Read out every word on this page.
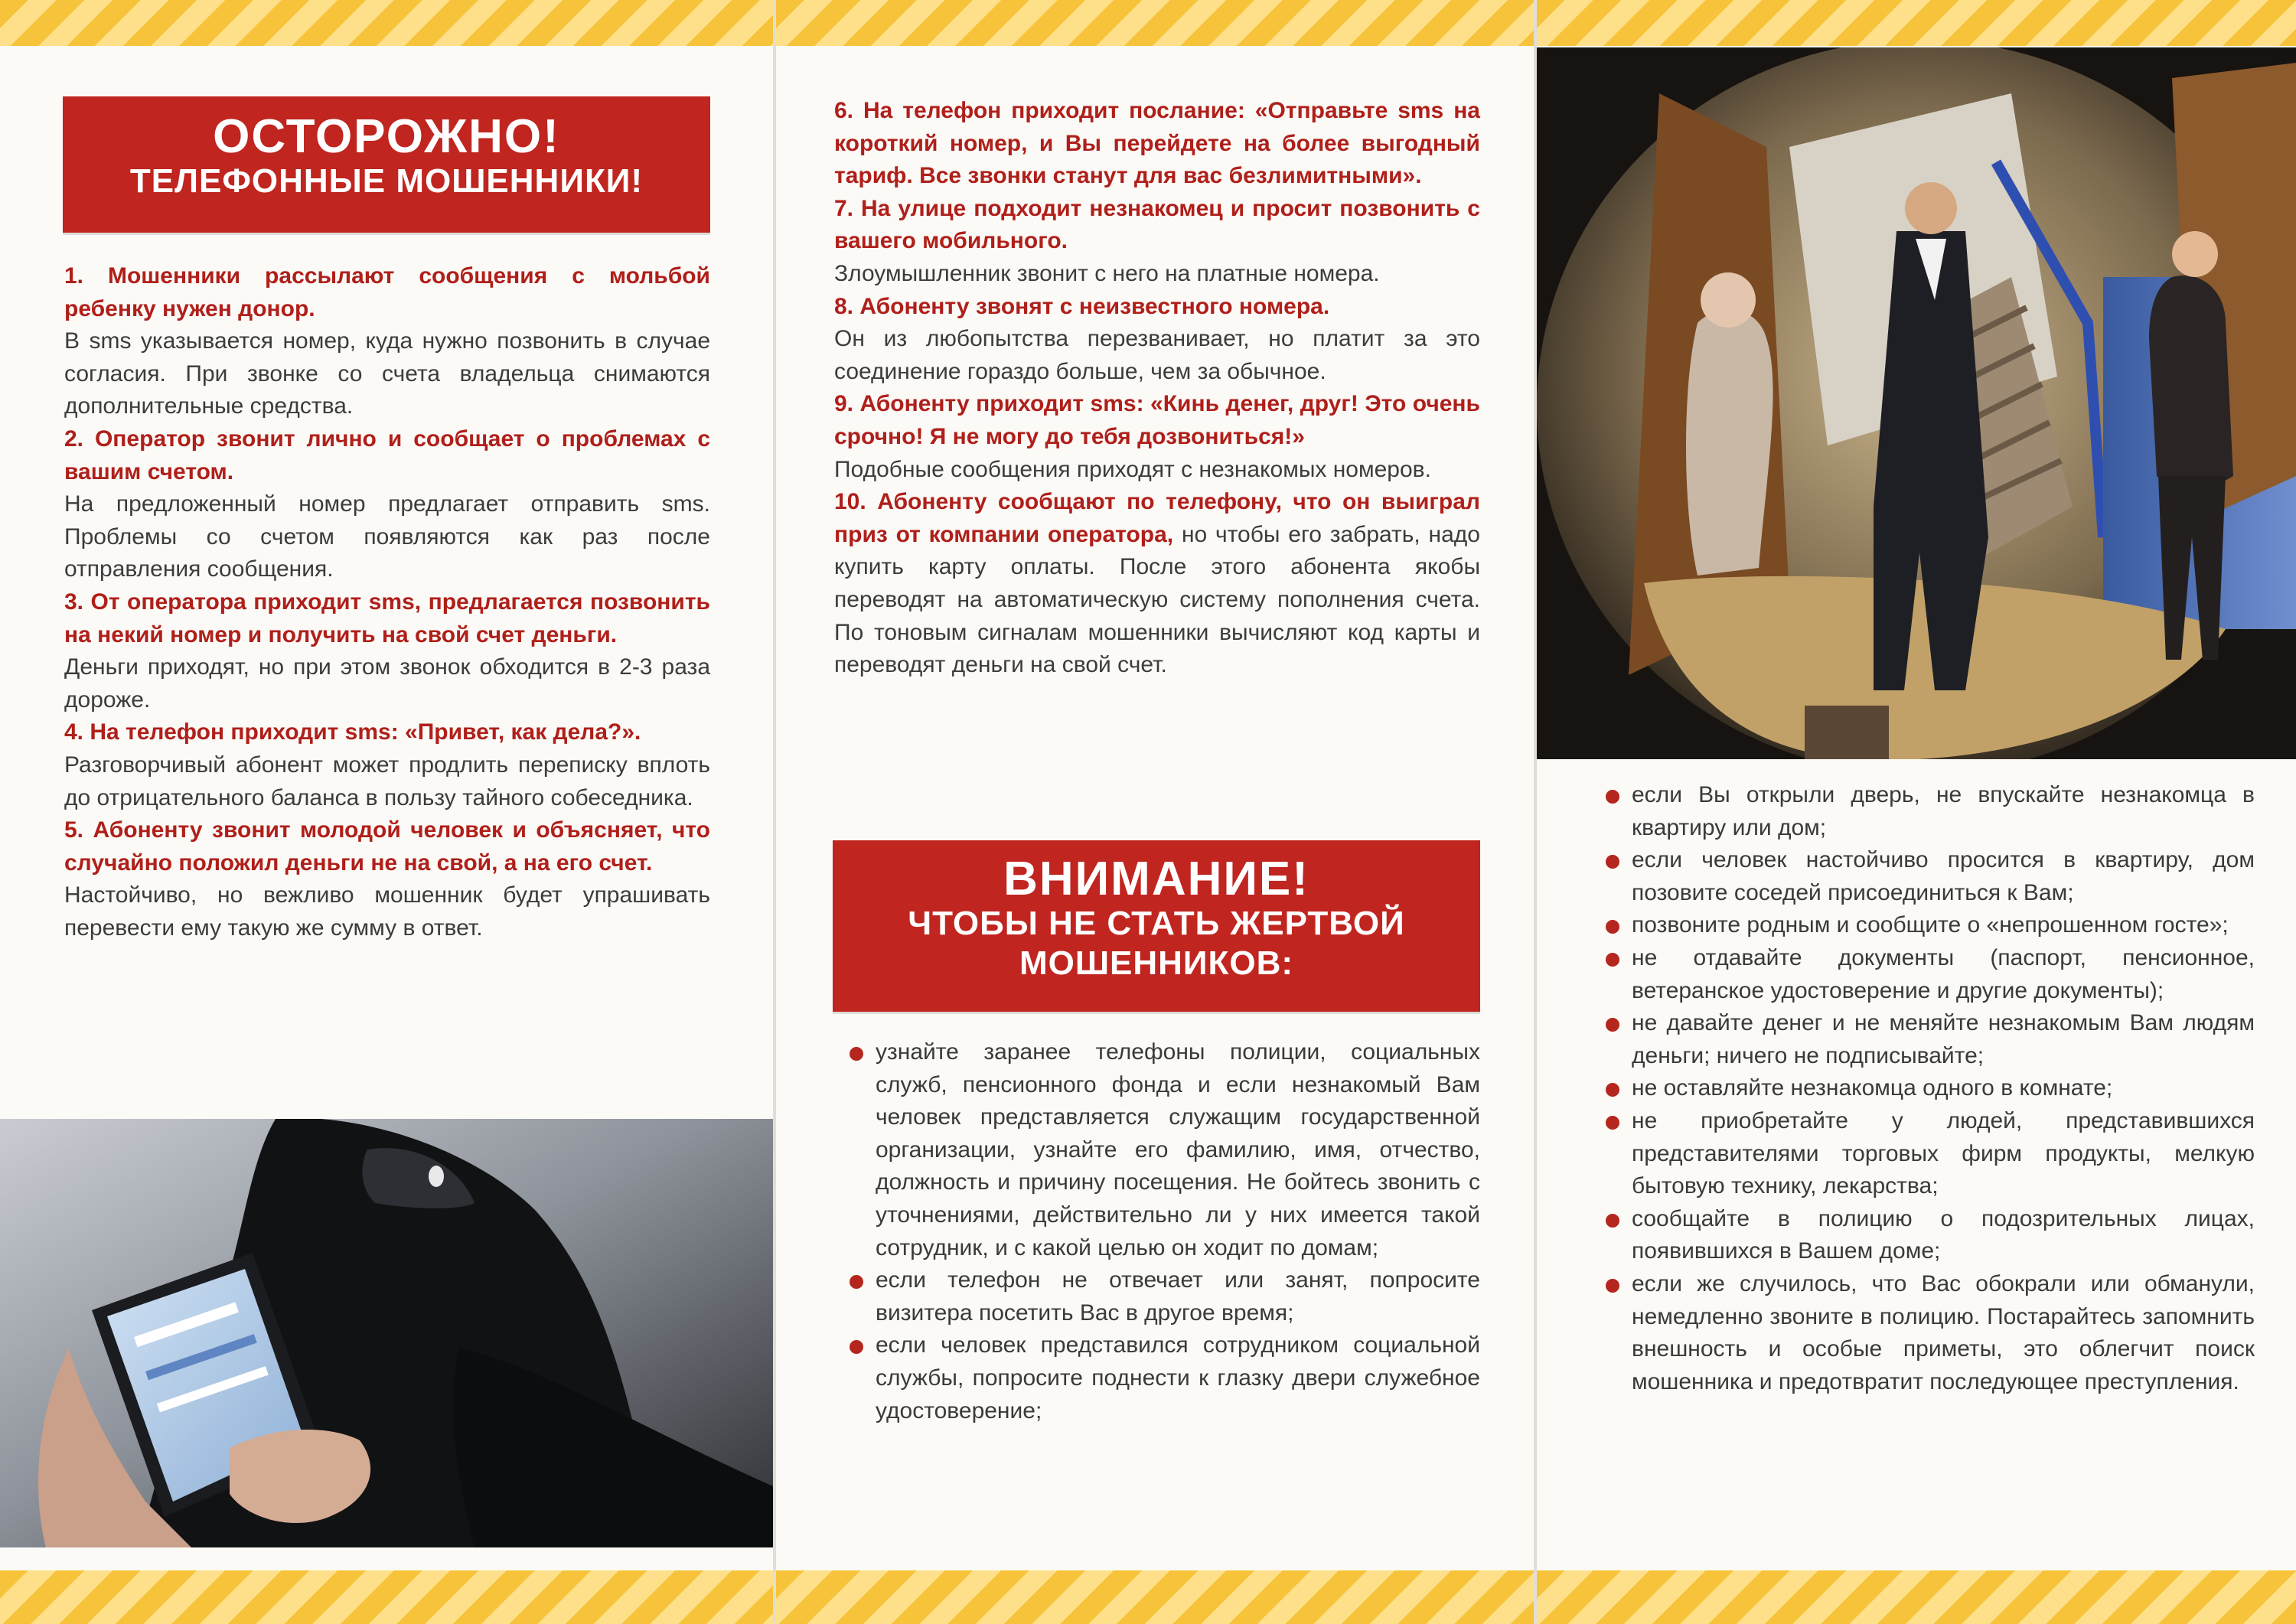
ОСТОРОЖНО!
ТЕЛЕФОННЫЕ МОШЕННИКИ!

1. Мошенники рассылают сообщения с мольбой ребенку нужен донор.

В sms указывается номер, куда нужно позвонить в случае согласия. При звонке со счета владельца снимаются дополнительные средства.

2. Оператор звонит лично и сообщает о проблемах с вашим счетом.

На предложенный номер предлагает отправить sms. Проблемы со счетом появляются как раз после отправления сообщения.

3. От оператора приходит sms, предлагается позвонить на некий номер и получить на свой счет деньги.

Деньги приходят, но при этом звонок обходится в 2-3 раза дороже.

4. На телефон приходит sms: «Привет, как дела?».

Разговорчивый абонент может продлить переписку вплоть до отрицательного баланса в пользу тайного собеседника.

5. Абоненту звонит молодой человек и объясняет, что случайно положил деньги не на свой, а на его счет.

Настойчиво, но вежливо мошенник будет упрашивать перевести ему такую же сумму в ответ.

6. На телефон приходит послание: «Отправьте sms на короткий номер, и Вы перейдете на более выгодный тариф. Все звонки станут для вас безлимитными».

7. На улице подходит незнакомец и просит позвонить с вашего мобильного.

Злоумышленник звонит с него на платные номера.

8. Абоненту звонят с неизвестного номера.

Он из любопытства перезванивает, но платит за это соединение гораздо больше, чем за обычное.

9. Абоненту приходит sms: «Кинь денег, друг! Это очень срочно! Я не могу до тебя дозвониться!»

Подобные сообщения приходят с незнакомых номеров.

10. Абоненту сообщают по телефону, что он выиграл приз от компании оператора, но чтобы его забрать, надо купить карту оплаты. После этого абонента якобы переводят на автоматическую систему пополнения счета. По тоновым сигналам мошенники вычисляют код карты и переводят деньги на свой счет.

ВНИМАНИЕ!
ЧТОБЫ НЕ СТАТЬ ЖЕРТВОЙ
МОШЕННИКОВ:
узнайте заранее телефоны полиции, социальных служб, пенсионного фонда и если незнакомый Вам человек представляется служащим государственной организации, узнайте его фамилию, имя, отчество, должность и причину посещения. Не бойтесь звонить с уточнениями, действительно ли у них имеется такой сотрудник, и с какой целью он ходит по домам;
если телефон не отвечает или занят, попросите визитера посетить Вас в другое время;
если человек представился сотрудником социальной службы, попросите поднести к глазку двери служебное удостоверение;
если Вы открыли дверь, не впускайте незнакомца в квартиру или дом;
если человек настойчиво просится в квартиру, дом позовите соседей присоединиться к Вам;
позвоните родным и сообщите о «непрошенном госте»;
не отдавайте документы (паспорт, пенсионное, ветеранское удостоверение и другие документы);
не давайте денег и не меняйте незнакомым Вам людям деньги; ничего не подписывайте;
не оставляйте незнакомца одного в комнате;
не приобретайте у людей, представившихся представителями торговых фирм продукты, мелкую бытовую технику, лекарства;
сообщайте в полицию о подозрительных лицах, появившихся в Вашем доме;
если же случилось, что Вас обокрали или обманули, немедленно звоните в полицию. Постарайтесь запомнить внешность и особые приметы, это облегчит поиск мошенника и предотвратит последующее преступления.
